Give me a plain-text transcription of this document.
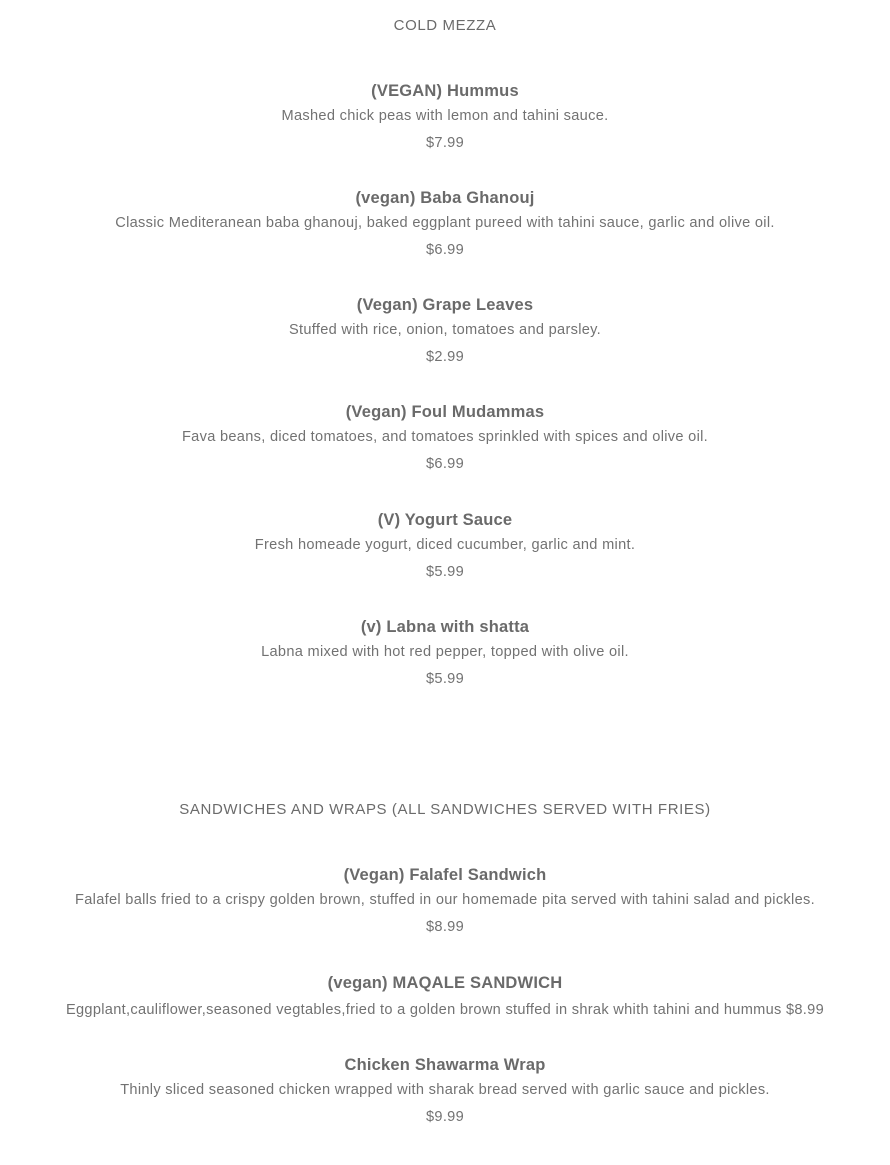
COLD MEZZA
(VEGAN) Hummus
Mashed chick peas with lemon and tahini sauce.
$7.99
(vegan) Baba Ghanouj
Classic Mediteranean baba ghanouj, baked eggplant pureed with tahini sauce, garlic and olive oil.
$6.99
(Vegan) Grape Leaves
Stuffed with rice, onion, tomatoes and parsley.
$2.99
(Vegan) Foul Mudammas
Fava beans, diced tomatoes, and tomatoes sprinkled with spices and olive oil.
$6.99
(V) Yogurt Sauce
Fresh homeade yogurt, diced cucumber, garlic and mint.
$5.99
(v) Labna with shatta
Labna mixed with hot red pepper, topped with olive oil.
$5.99
SANDWICHES AND WRAPS (ALL SANDWICHES SERVED WITH FRIES)
(Vegan) Falafel Sandwich
Falafel balls fried to a crispy golden brown, stuffed in our homemade pita served with tahini salad and pickles.
$8.99
(vegan) MAQALE SANDWICH
Eggplant,cauliflower,seasoned vegtables,fried to a golden brown stuffed in shrak whith tahini and hummus $8.99
Chicken Shawarma Wrap
Thinly sliced seasoned chicken wrapped with sharak bread served with garlic sauce and pickles.
$9.99
